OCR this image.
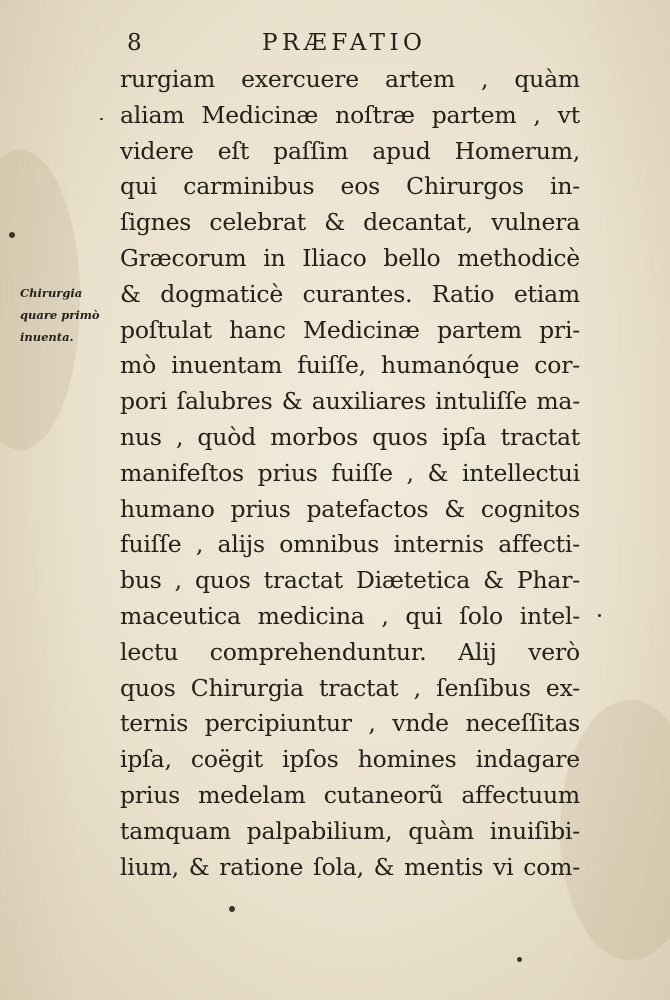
8	PRÆFATIO

Chirurgia
quare primò
inuenta.
rurgiam exercuere artem , quàm
aliam Medicinæ noſtræ partem , vt
videre eſt paſſim apud Homerum,
qui carminibus eos Chirurgos in-
ſignes celebrat & decantat, vulnera
Græcorum in Iliaco bello methodicè
& dogmaticè curantes. Ratio etiam
poſtulat hanc Medicinæ partem pri-
mò inuentam fuiſſe, humanóque cor-
pori ſalubres & auxiliares intuliſſe ma-
nus , quòd morbos quos ipſa tractat
manifeſtos prius fuiſſe , & intellectui
humano prius patefactos & cognitos
fuiſſe , alijs omnibus internis affecti-
bus , quos tractat Diætetica & Phar-
maceutica medicina , qui ſolo intel-
lectu comprehenduntur. Alij verò
quos Chirurgia tractat , ſenſibus ex-
ternis percipiuntur , vnde neceſſitas
ipſa, coëgit ipſos homines indagare
prius medelam cutaneorũ affectuum
tamquam palpabilium, quàm inuiſibi-
lium, & ratione ſola, & mentis vi com-
